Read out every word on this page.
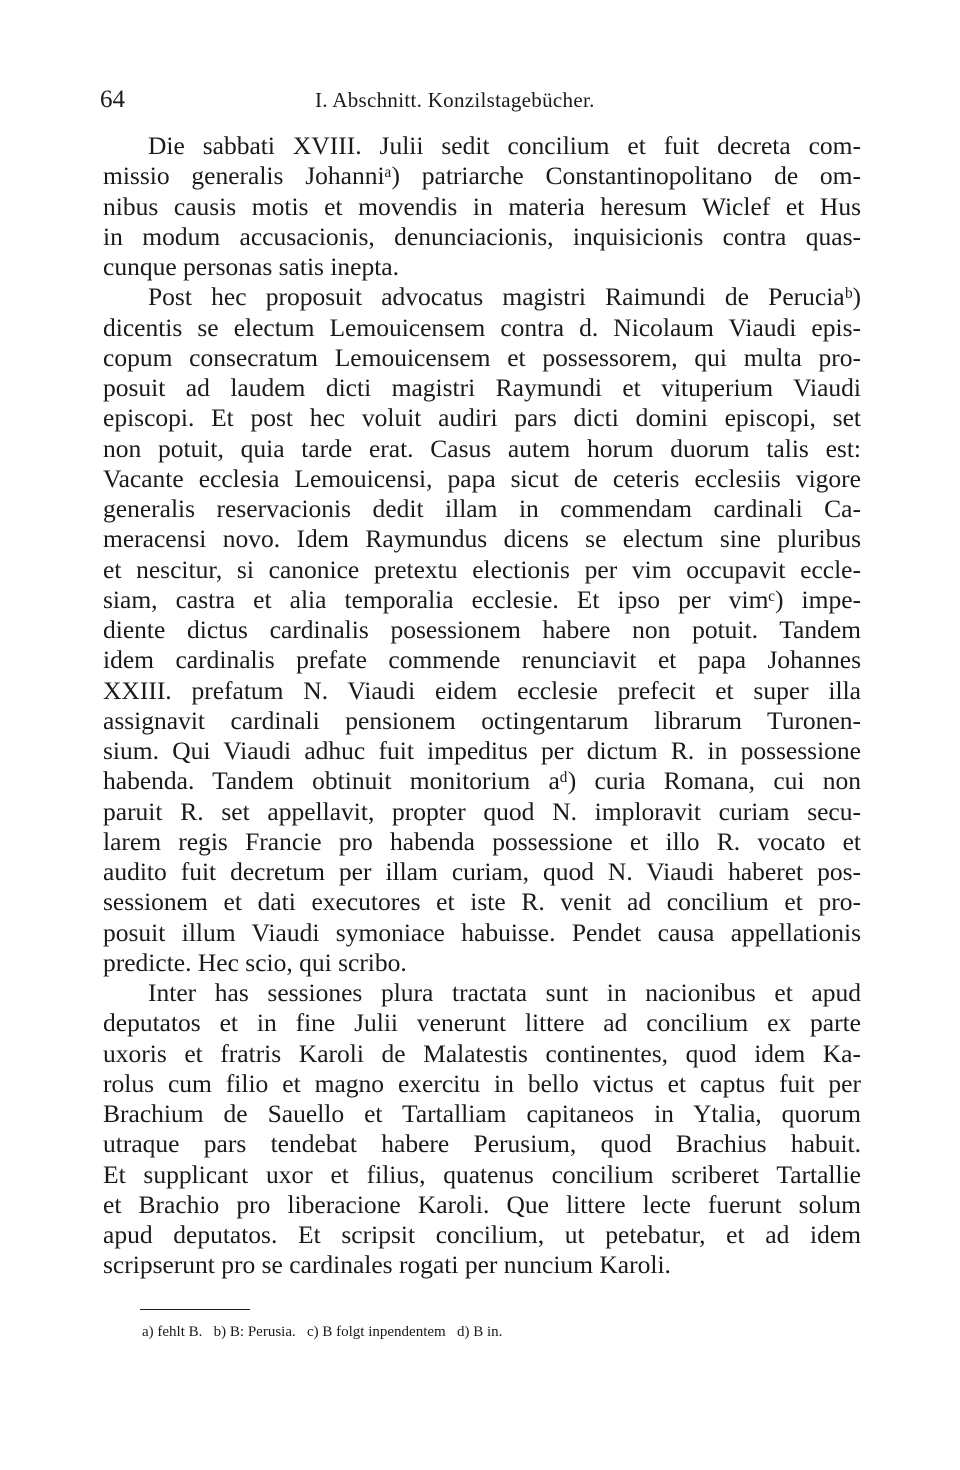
64	I. Abschnitt. Konzilstagebücher.
Die sabbati XVIII. Julii sedit concilium et fuit decreta com-
missio generalis Johanniᵃ) patriarche Constantinopolitano de om-
nibus causis motis et movendis in materia heresum Wiclef et Hus
in modum accusacionis, denunciacionis, inquisicionis contra quas-
cunque personas satis inepta.
Post hec proposuit advocatus magistri Raimundi de Peruciaᵇ)
dicentis se electum Lemouicensem contra d. Nicolaum Viaudi epis-
copum consecratum Lemouicensem et possessorem, qui multa pro-
posuit ad laudem dicti magistri Raymundi et vituperium Viaudi
episcopi. Et post hec voluit audiri pars dicti domini episcopi, set
non potuit, quia tarde erat. Casus autem horum duorum talis est:
Vacante ecclesia Lemouicensi, papa sicut de ceteris ecclesiis vigore
generalis reservacionis dedit illam in commendam cardinali Ca-
meracensi novo. Idem Raymundus dicens se electum sine pluribus
et nescitur, si canonice pretextu electionis per vim occupavit eccle-
siam, castra et alia temporalia ecclesie. Et ipso per vimᶜ) impe-
diente dictus cardinalis posessionem habere non potuit. Tandem
idem cardinalis prefate commende renunciavit et papa Johannes
XXIII. prefatum N. Viaudi eidem ecclesie prefecit et super illa
assignavit cardinali pensionem octingentarum librarum Turonen-
sium. Qui Viaudi adhuc fuit impeditus per dictum R. in possessione
habenda. Tandem obtinuit monitorium aᵈ) curia Romana, cui non
paruit R. set appellavit, propter quod N. imploravit curiam secu-
larem regis Francie pro habenda possessione et illo R. vocato et
audito fuit decretum per illam curiam, quod N. Viaudi haberet pos-
sessionem et dati executores et iste R. venit ad concilium et pro-
posuit illum Viaudi symoniace habuisse. Pendet causa appellationis
predicte. Hec scio, qui scribo.
Inter has sessiones plura tractata sunt in nacionibus et apud
deputatos et in fine Julii venerunt littere ad concilium ex parte
uxoris et fratris Karoli de Malatestis continentes, quod idem Ka-
rolus cum filio et magno exercitu in bello victus et captus fuit per
Brachium de Sauello et Tartalliam capitaneos in Ytalia, quorum
utraque pars tendebat habere Perusium, quod Brachius habuit.
Et supplicant uxor et filius, quatenus concilium scriberet Tartallie
et Brachio pro liberacione Karoli. Que littere lecte fuerunt solum
apud deputatos. Et scripsit concilium, ut petebatur, et ad idem
scripserunt pro se cardinales rogati per nuncium Karoli.
a) fehlt B. b) B: Perusia. c) B folgt inpendentem d) B in.
